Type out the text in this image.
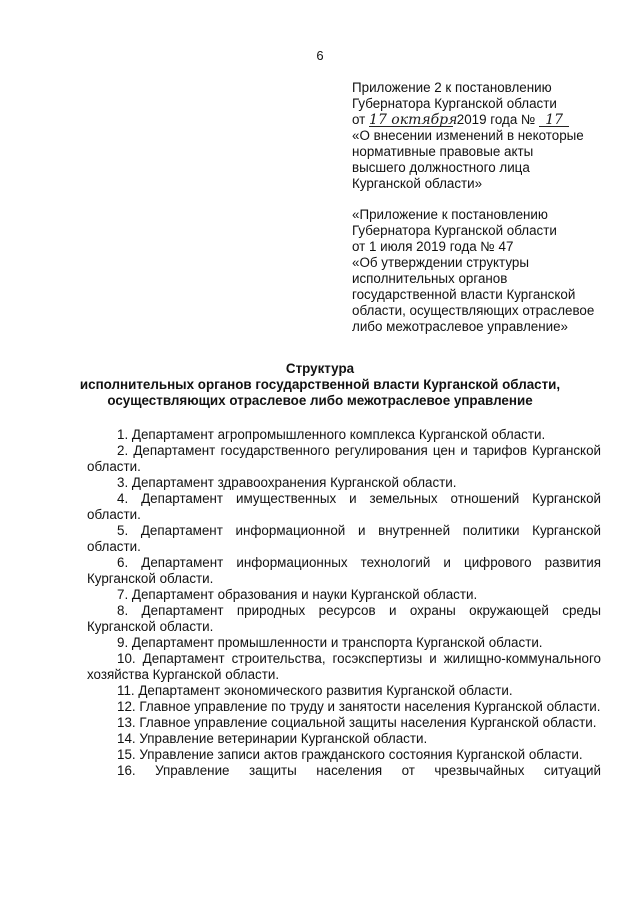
6
Приложение 2 к постановлению
Губернатора Курганской области
от 17 октября 2019 года № 17
«О внесении изменений в некоторые
нормативные правовые акты
высшего должностного лица
Курганской области»
«Приложение к постановлению
Губернатора Курганской области
от 1 июля 2019 года № 47
«Об утверждении структуры
исполнительных органов
государственной власти Курганской
области, осуществляющих отраслевое
либо межотраслевое управление»
Структура
исполнительных органов государственной власти Курганской области,
осуществляющих отраслевое либо межотраслевое управление

1. Департамент агропромышленного комплекса Курганской области.

2. Департамент государственного регулирования цен и тарифов Курганской области.

3. Департамент здравоохранения Курганской области.

4. Департамент имущественных и земельных отношений Курганской области.

5. Департамент информационной и внутренней политики Курганской области.

6. Департамент информационных технологий и цифрового развития Курганской области.

7. Департамент образования и науки Курганской области.

8. Департамент природных ресурсов и охраны окружающей среды Курганской области.

9. Департамент промышленности и транспорта Курганской области.

10. Департамент строительства, госэкспертизы и жилищно-коммунального хозяйства Курганской области.

11. Департамент экономического развития Курганской области.

12. Главное управление по труду и занятости населения Курганской области.

13. Главное управление социальной защиты населения Курганской области.

14. Управление ветеринарии Курганской области.

15. Управление записи актов гражданского состояния Курганской области.

16. Управление защиты населения от чрезвычайных ситуаций
